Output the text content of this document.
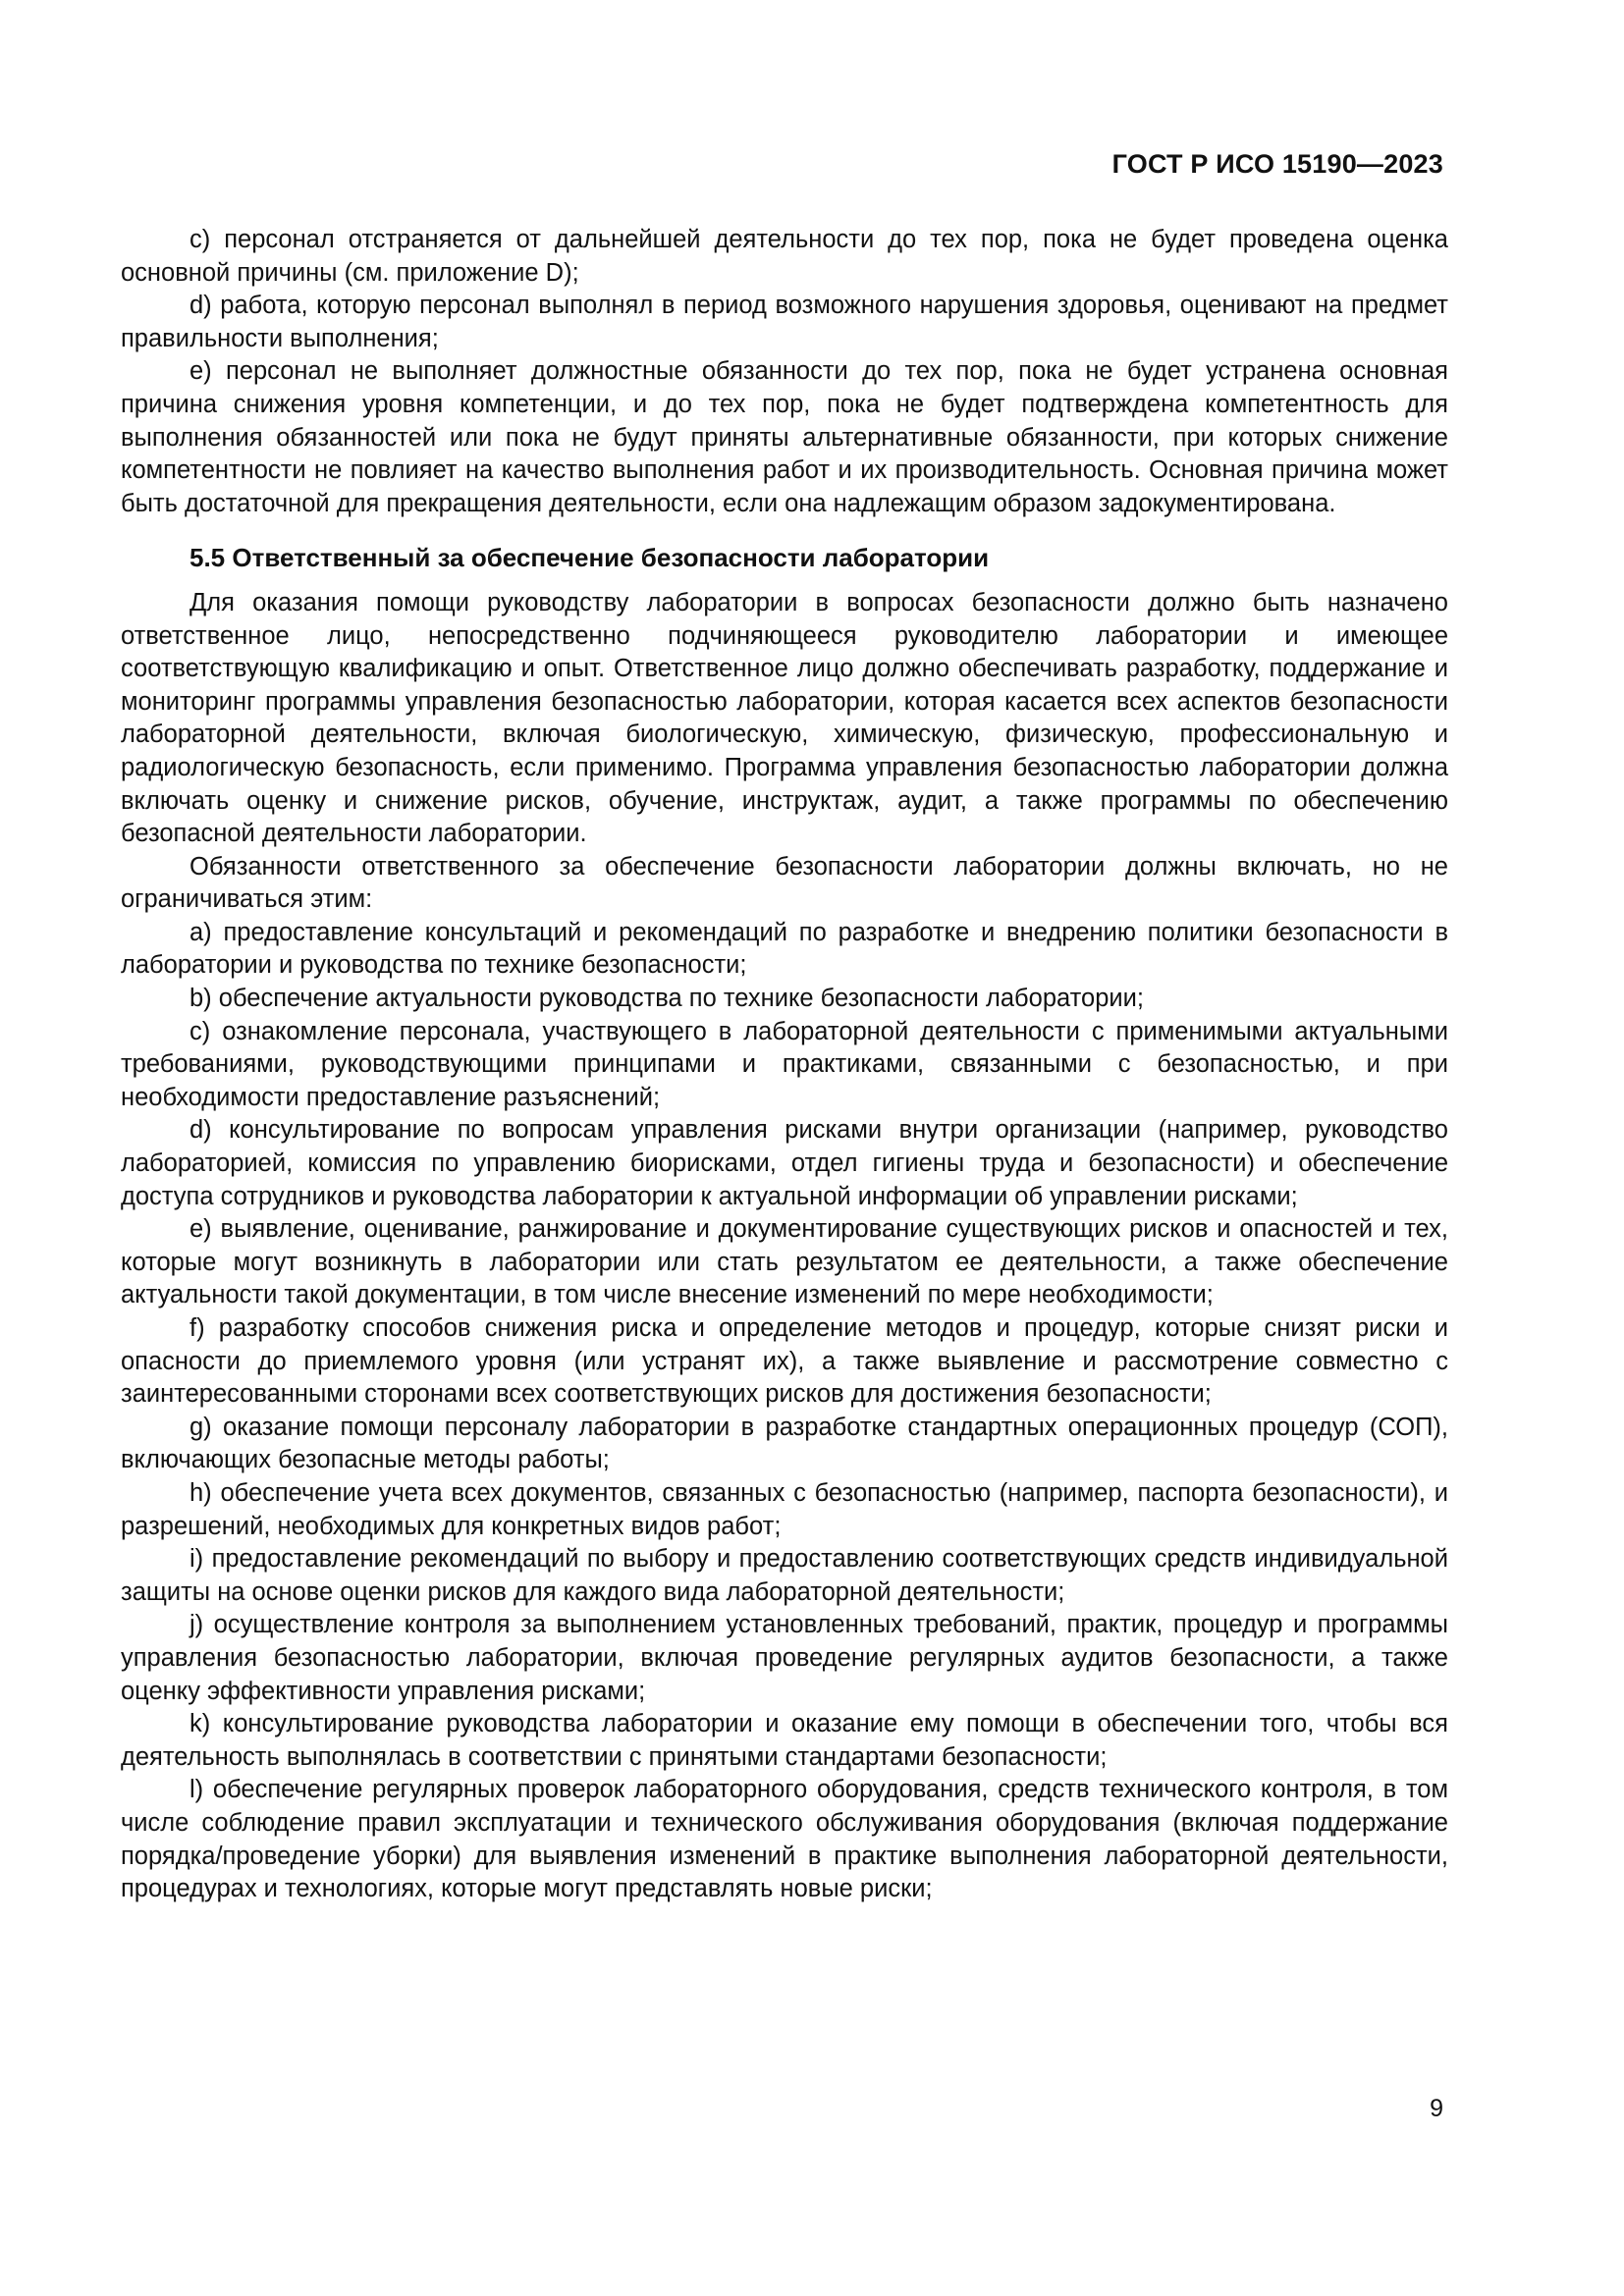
ГОСТ Р ИСО 15190—2023

c) персонал отстраняется от дальнейшей деятельности до тех пор, пока не будет проведена оценка основной причины (см. приложение D);

d) работа, которую персонал выполнял в период возможного нарушения здоровья, оценивают на предмет правильности выполнения;

e) персонал не выполняет должностные обязанности до тех пор, пока не будет устранена основная причина снижения уровня компетенции, и до тех пор, пока не будет подтверждена компетентность для выполнения обязанностей или пока не будут приняты альтернативные обязанности, при которых снижение компетентности не повлияет на качество выполнения работ и их производительность. Основная причина может быть достаточной для прекращения деятельности, если она надлежащим образом задокументирована.

5.5 Ответственный за обеспечение безопасности лаборатории

Для оказания помощи руководству лаборатории в вопросах безопасности должно быть назначено ответственное лицо, непосредственно подчиняющееся руководителю лаборатории и имеющее соответствующую квалификацию и опыт. Ответственное лицо должно обеспечивать разработку, поддержание и мониторинг программы управления безопасностью лаборатории, которая касается всех аспектов безопасности лабораторной деятельности, включая биологическую, химическую, физическую, профессиональную и радиологическую безопасность, если применимо. Программа управления безопасностью лаборатории должна включать оценку и снижение рисков, обучение, инструктаж, аудит, а также программы по обеспечению безопасной деятельности лаборатории.

Обязанности ответственного за обеспечение безопасности лаборатории должны включать, но не ограничиваться этим:

a) предоставление консультаций и рекомендаций по разработке и внедрению политики безопасности в лаборатории и руководства по технике безопасности;

b) обеспечение актуальности руководства по технике безопасности лаборатории;

c) ознакомление персонала, участвующего в лабораторной деятельности с применимыми актуальными требованиями, руководствующими принципами и практиками, связанными с безопасностью, и при необходимости предоставление разъяснений;

d) консультирование по вопросам управления рисками внутри организации (например, руководство лабораторией, комиссия по управлению биорисками, отдел гигиены труда и безопасности) и обеспечение доступа сотрудников и руководства лаборатории к актуальной информации об управлении рисками;

e) выявление, оценивание, ранжирование и документирование существующих рисков и опасностей и тех, которые могут возникнуть в лаборатории или стать результатом ее деятельности, а также обеспечение актуальности такой документации, в том числе внесение изменений по мере необходимости;

f) разработку способов снижения риска и определение методов и процедур, которые снизят риски и опасности до приемлемого уровня (или устранят их), а также выявление и рассмотрение совместно с заинтересованными сторонами всех соответствующих рисков для достижения безопасности;

g) оказание помощи персоналу лаборатории в разработке стандартных операционных процедур (СОП), включающих безопасные методы работы;

h) обеспечение учета всех документов, связанных с безопасностью (например, паспорта безопасности), и разрешений, необходимых для конкретных видов работ;

i) предоставление рекомендаций по выбору и предоставлению соответствующих средств индивидуальной защиты на основе оценки рисков для каждого вида лабораторной деятельности;

j) осуществление контроля за выполнением установленных требований, практик, процедур и программы управления безопасностью лаборатории, включая проведение регулярных аудитов безопасности, а также оценку эффективности управления рисками;

k) консультирование руководства лаборатории и оказание ему помощи в обеспечении того, чтобы вся деятельность выполнялась в соответствии с принятыми стандартами безопасности;

l) обеспечение регулярных проверок лабораторного оборудования, средств технического контроля, в том числе соблюдение правил эксплуатации и технического обслуживания оборудования (включая поддержание порядка/проведение уборки) для выявления изменений в практике выполнения лабораторной деятельности, процедурах и технологиях, которые могут представлять новые риски;

9
